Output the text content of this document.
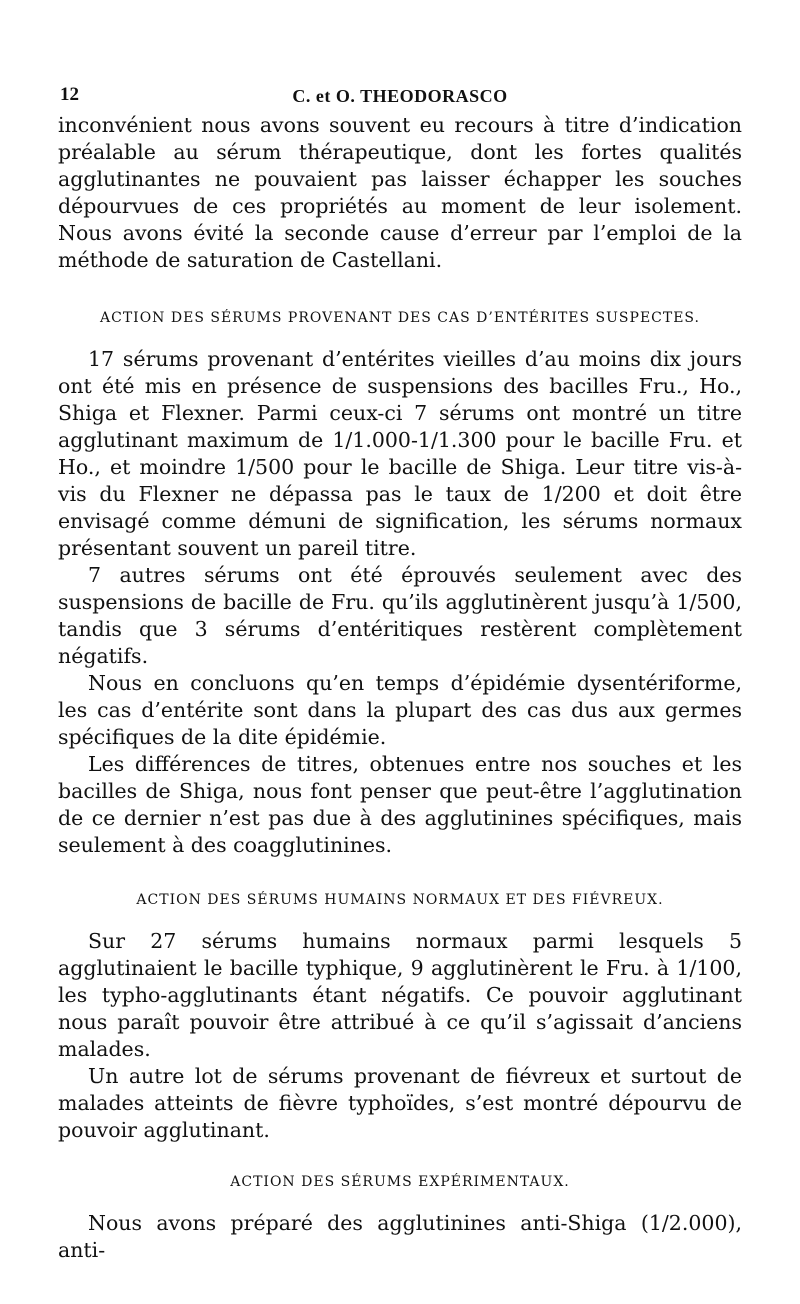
12	C. et O. THEODORASCO

inconvénient nous avons souvent eu recours à titre d’indication préalable au sérum thérapeutique, dont les fortes qualités agglutinantes ne pouvaient pas laisser échapper les souches dépourvues de ces propriétés au moment de leur isolement. Nous avons évité la seconde cause d’erreur par l’emploi de la méthode de saturation de Castellani.

ACTION DES SÉRUMS PROVENANT DES CAS D’ENTÉRITES SUSPECTES.

17 sérums provenant d’entérites vieilles d’au moins dix jours ont été mis en présence de suspensions des bacilles Fru., Ho., Shiga et Flexner. Parmi ceux-ci 7 sérums ont montré un titre agglutinant maximum de 1/1.000-1/1.300 pour le bacille Fru. et Ho., et moindre 1/500 pour le bacille de Shiga. Leur titre vis-à-vis du Flexner ne dépassa pas le taux de 1/200 et doit être envisagé comme démuni de signification, les sérums normaux présentant souvent un pareil titre.

7 autres sérums ont été éprouvés seulement avec des suspensions de bacille de Fru. qu’ils agglutinèrent jusqu’à 1/500, tandis que 3 sérums d’entéritiques restèrent complètement négatifs.

Nous en concluons qu’en temps d’épidémie dysentériforme, les cas d’entérite sont dans la plupart des cas dus aux germes spécifiques de la dite épidémie.

Les différences de titres, obtenues entre nos souches et les bacilles de Shiga, nous font penser que peut-être l’agglutination de ce dernier n’est pas due à des agglutinines spécifiques, mais seulement à des coagglutinines.

ACTION DES SÉRUMS HUMAINS NORMAUX ET DES FIÉVREUX.

Sur 27 sérums humains normaux parmi lesquels 5 agglutinaient le bacille typhique, 9 agglutinèrent le Fru. à 1/100, les typho-agglutinants étant négatifs. Ce pouvoir agglutinant nous paraît pouvoir être attribué à ce qu’il s’agissait d’anciens malades.

Un autre lot de sérums provenant de fiévreux et surtout de malades atteints de fièvre typhoïdes, s’est montré dépourvu de pouvoir agglutinant.

ACTION DES SÉRUMS EXPÉRIMENTAUX.

Nous avons préparé des agglutinines anti-Shiga (1/2.000), anti-
